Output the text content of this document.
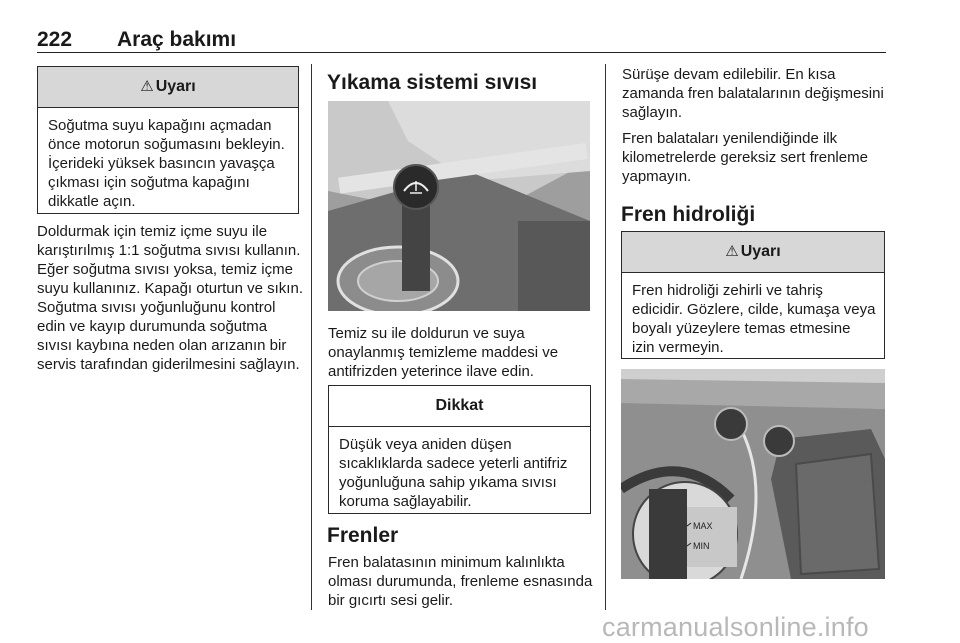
222 Araç bakımı
⚠ Uyarı
Soğutma suyu kapağını açmadan önce motorun soğumasını bekleyin. İçerideki yüksek basıncın yavaşça çıkması için soğutma kapağını dikkatle açın.

Doldurmak için temiz içme suyu ile karıştırılmış 1:1 soğutma sıvısı kullanın. Eğer soğutma sıvısı yoksa, temiz içme suyu kullanınız. Kapağı oturtun ve sıkın. Soğutma sıvısı yoğunluğunu kontrol edin ve kayıp durumunda soğutma sıvısı kaybına neden olan arızanın bir servis tarafından giderilmesini sağlayın.

Yıkama sistemi sıvısı

Temiz su ile doldurun ve suya onaylanmış temizleme maddesi ve antifrizden yeterince ilave edin.

Dikkat
Düşük veya aniden düşen sıcaklıklarda sadece yeterli antifriz yoğunluğuna sahip yıkama sıvısı koruma sağlayabilir.
Frenler

Fren balatasının minimum kalınlıkta olması durumunda, frenleme esnasında bir gıcırtı sesi gelir.

Sürüşe devam edilebilir. En kısa zamanda fren balatalarının değişmesini sağlayın.

Fren balataları yenilendiğinde ilk kilometrelerde gereksiz sert frenleme yapmayın.

Fren hidroliği
⚠ Uyarı
Fren hidroliği zehirli ve tahriş edicidir. Gözlere, cilde, kumaşa veya boyalı yüzeylere temas etmesine izin vermeyin.
MAX
MIN
carmanualsonline.info
